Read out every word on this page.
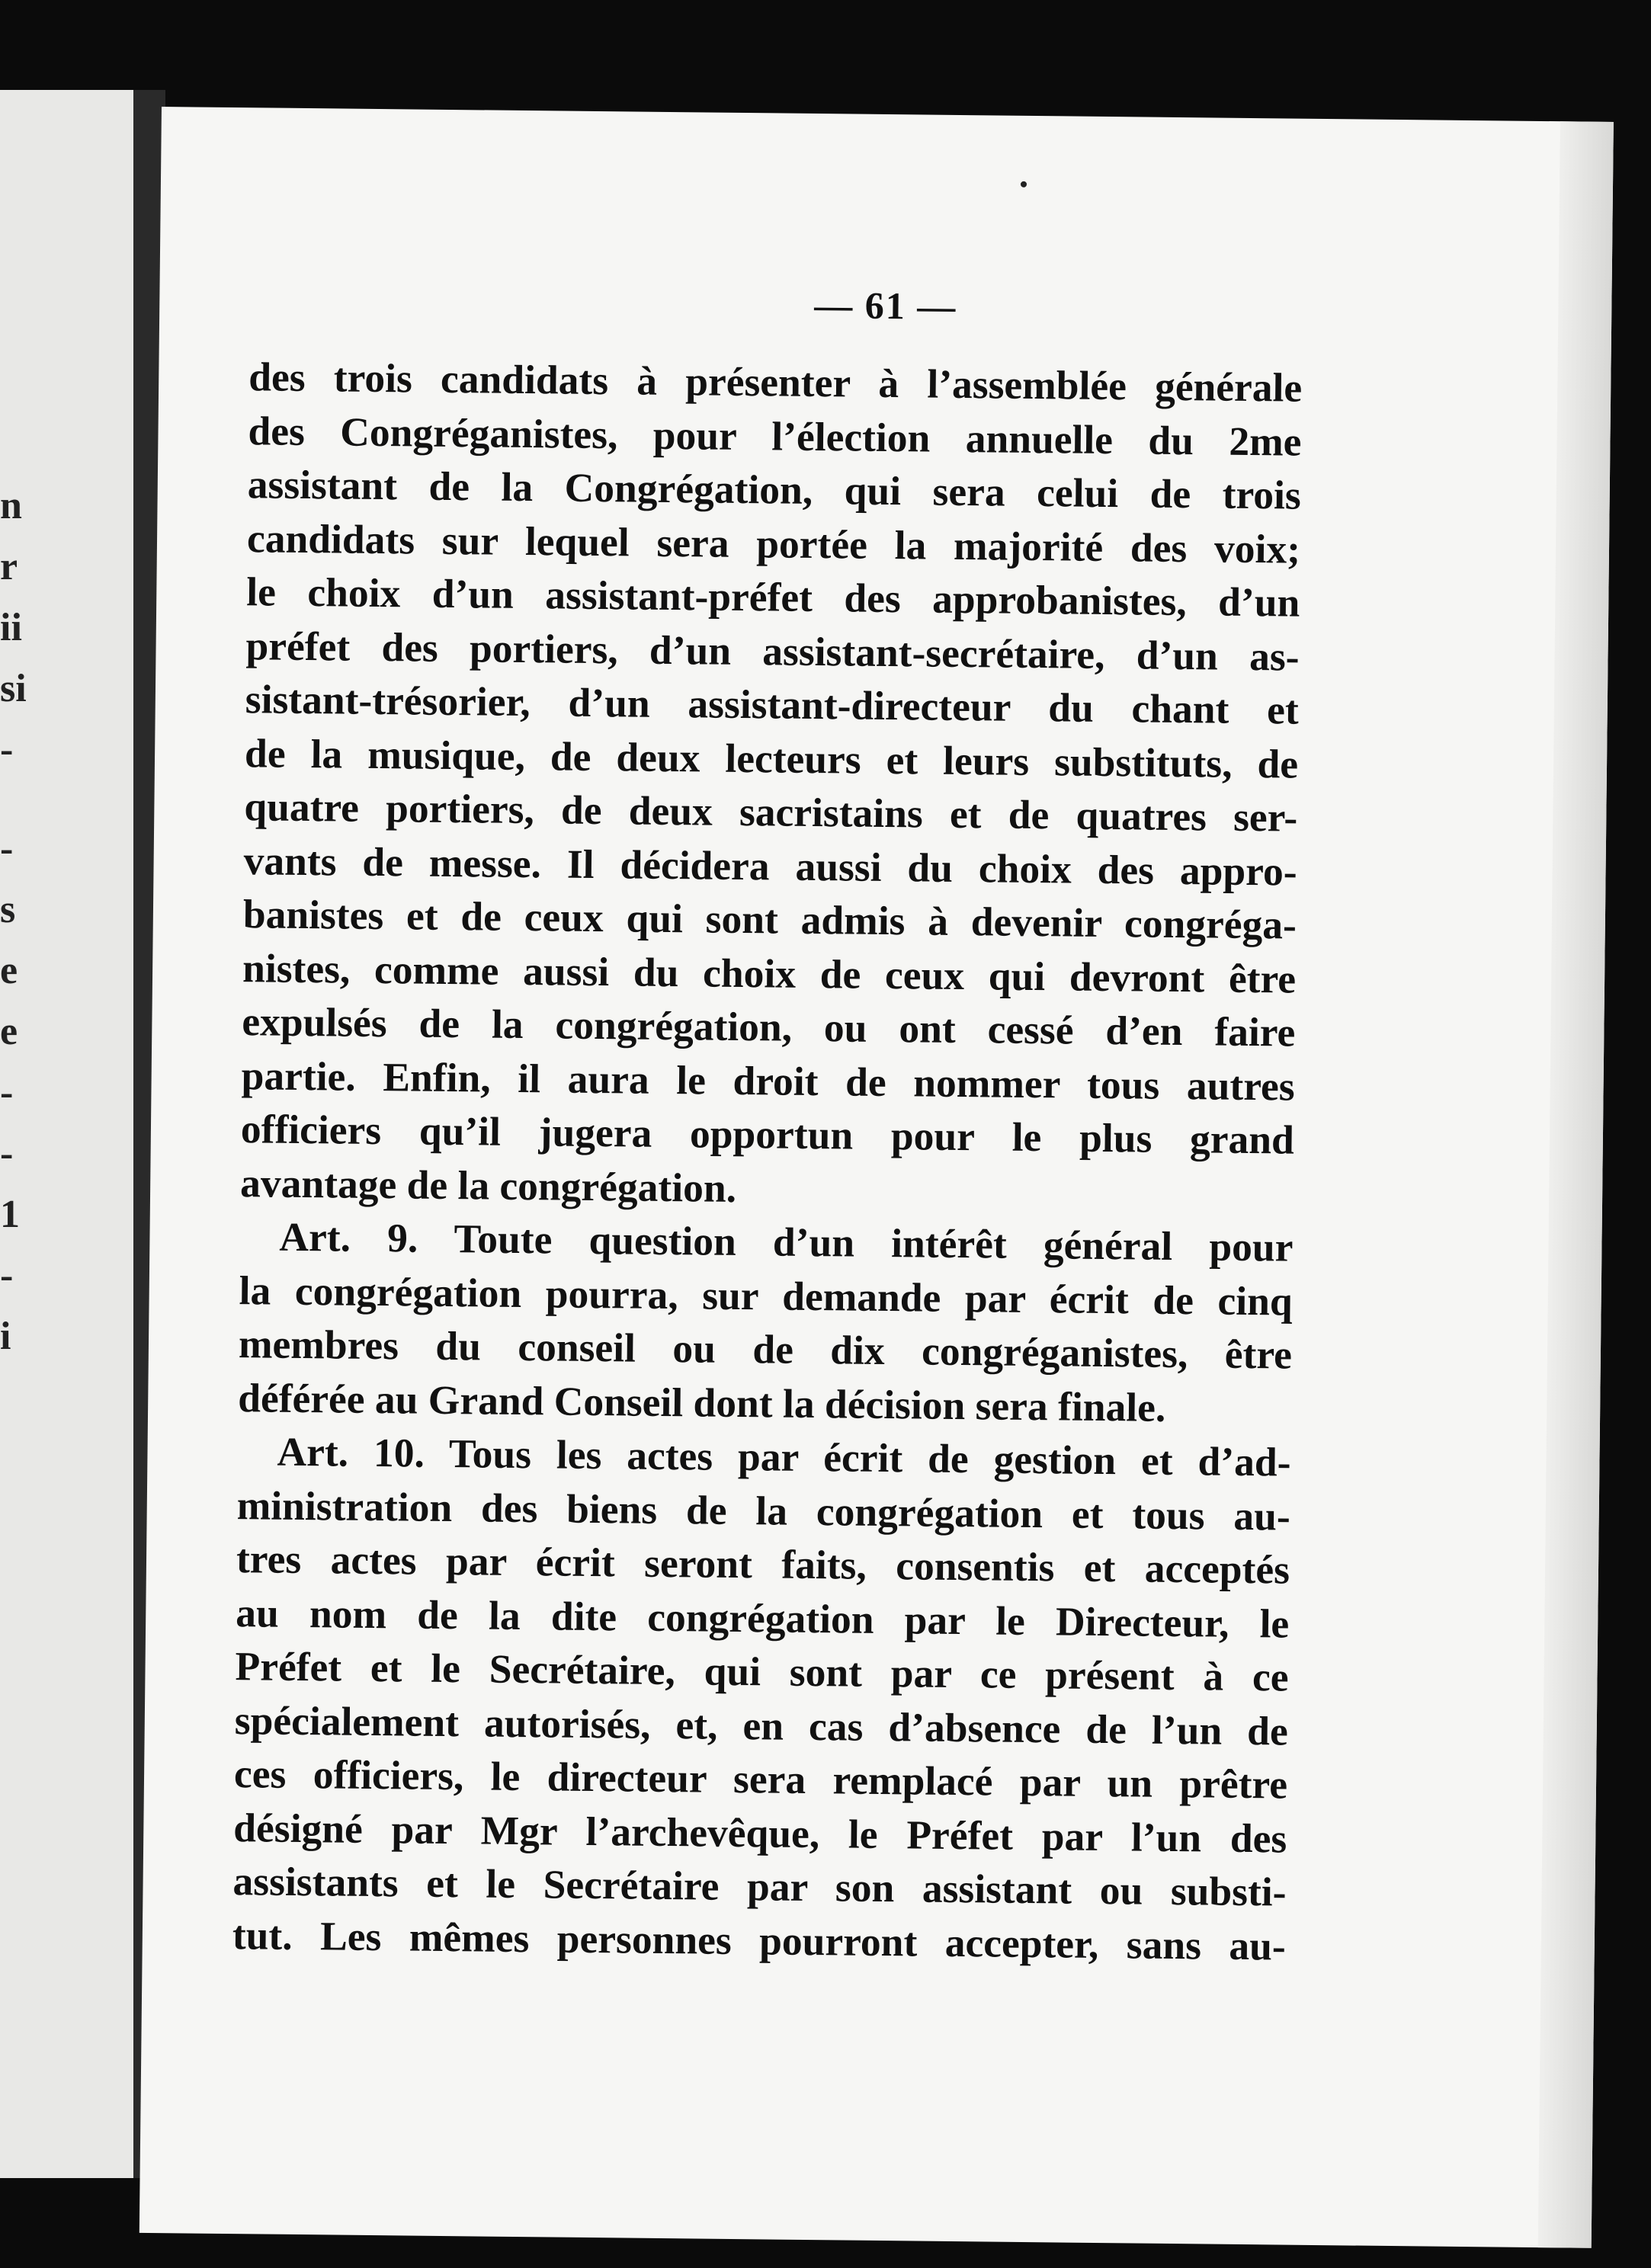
n
r
ii
si
-
-
s
e
e
-
-
1
-
i
— 61 —
des trois candidats à présenter à l’assemblée générale
des Congréganistes, pour l’élection annuelle du 2me
assistant de la Congrégation, qui sera celui de trois
candidats sur lequel sera portée la majorité des voix;
le choix d’un assistant-préfet des approbanistes, d’un
préfet des portiers, d’un assistant-secrétaire, d’un as-
sistant-trésorier, d’un assistant-directeur du chant et
de la musique, de deux lecteurs et leurs substituts, de
quatre portiers, de deux sacristains et de quatres ser-
vants de messe. Il décidera aussi du choix des appro-
banistes et de ceux qui sont admis à devenir congréga-
nistes, comme aussi du choix de ceux qui devront être
expulsés de la congrégation, ou ont cessé d’en faire
partie. Enfin, il aura le droit de nommer tous autres
officiers qu’il jugera opportun pour le plus grand
avantage de la congrégation.
Art. 9. Toute question d’un intérêt général pour
la congrégation pourra, sur demande par écrit de cinq
membres du conseil ou de dix congréganistes, être
déférée au Grand Conseil dont la décision sera finale.
Art. 10. Tous les actes par écrit de gestion et d’ad-
ministration des biens de la congrégation et tous au-
tres actes par écrit seront faits, consentis et acceptés
au nom de la dite congrégation par le Directeur, le
Préfet et le Secrétaire, qui sont par ce présent à ce
spécialement autorisés, et, en cas d’absence de l’un de
ces officiers, le directeur sera remplacé par un prêtre
désigné par Mgr l’archevêque, le Préfet par l’un des
assistants et le Secrétaire par son assistant ou substi-
tut. Les mêmes personnes pourront accepter, sans au-
